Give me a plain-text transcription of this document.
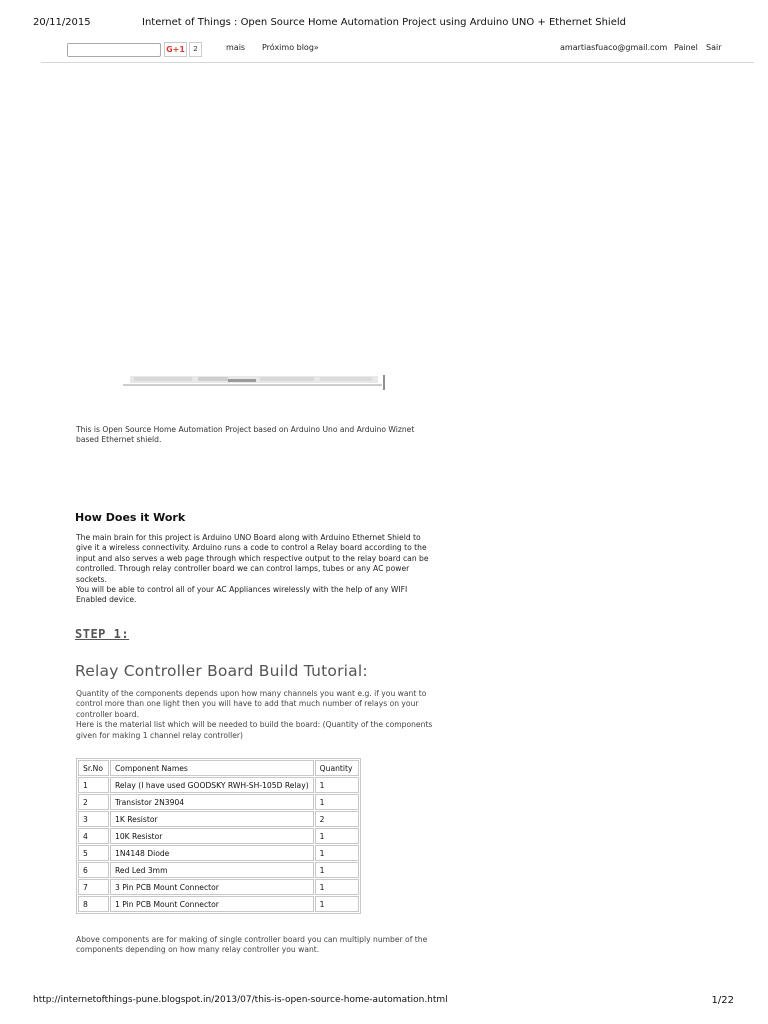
20/11/2015	Internet of Things : Open Source Home Automation Project using Arduino UNO + Ethernet Shield
G+1	2	mais Próximo blog»	amartiasfuaco@gmail.com Painel Sair
This is Open Source Home Automation Project based on Arduino Uno and Arduino Wiznet based Ethernet shield.
How Does it Work
The main brain for this project is Arduino UNO Board along with Arduino Ethernet Shield to give it a wireless connectivity. Arduino runs a code to control a Relay board according to the input and also serves a web page through which respective output to the relay board can be controlled. Through relay controller board we can control lamps, tubes or any AC power sockets.
You will be able to control all of your AC Appliances wirelessly with the help of any WIFI Enabled device.
STEP 1:
Relay Controller Board Build Tutorial:
Quantity of the components depends upon how many channels you want e.g. if you want to control more than one light then you will have to add that much number of relays on your controller board.
Here is the material list which will be needed to build the board: (Quantity of the components given for making 1 channel relay controller)
Sr.No	Component Names	Quantity
1	Relay (I have used GOODSKY RWH-SH-105D Relay)	1
2	Transistor 2N3904	1
3	1K Resistor	2
4	10K Resistor	1
5	1N4148 Diode	1
6	Red Led 3mm	1
7	3 Pin PCB Mount Connector	1
8	1 Pin PCB Mount Connector	1
Above components are for making of single controller board you can multiply number of the components depending on how many relay controller you want.
http://internetofthings-pune.blogspot.in/2013/07/this-is-open-source-home-automation.html	1/22
